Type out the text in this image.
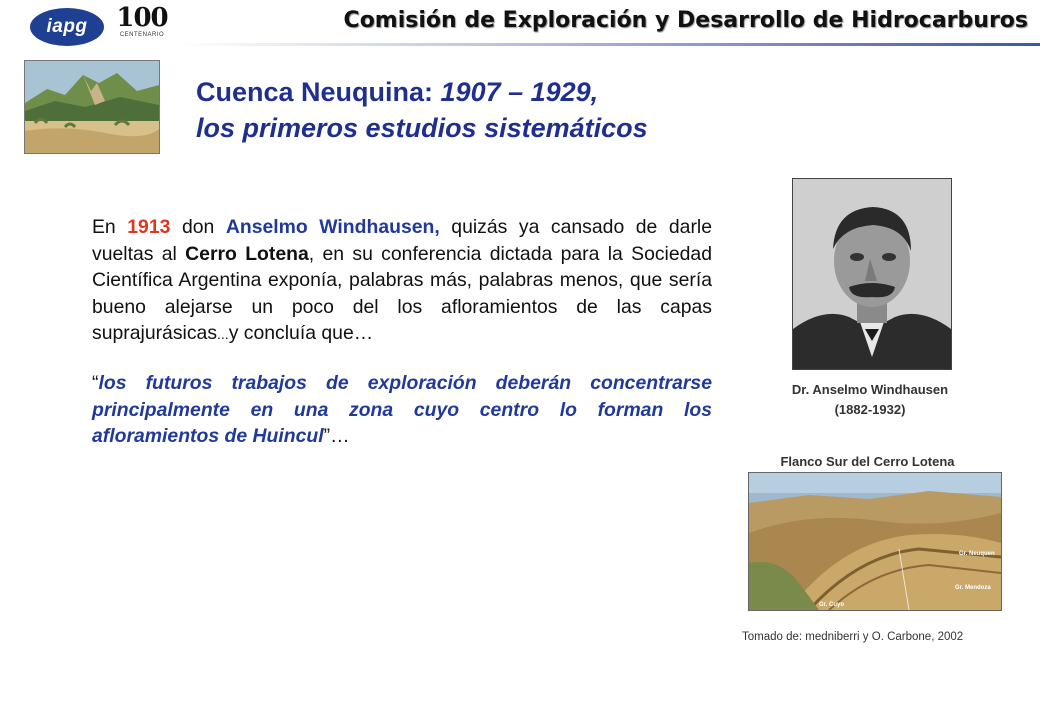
iapg 100
CENTENARIO
Comisión de Exploración y Desarrollo de Hidrocarburos
Cuenca Neuquina: 1907 – 1929,
los primeros estudios sistemáticos

En 1913 don Anselmo Windhausen, quizás ya cansado de darle vueltas al Cerro Lotena, en su conferencia dictada para la Sociedad Científica Argentina exponía, palabras más, palabras menos, que sería bueno alejarse un poco del los afloramientos de las capas suprajurásicas...y concluía que…

“los futuros trabajos de exploración deberán concentrarse principalmente en una zona cuyo centro lo forman los afloramientos de Huincul”…

Dr. Anselmo Windhausen
(1882-1932)
Flanco Sur del Cerro Lotena
Gr. Neuquen
Gr. Mendoza
Gr. Cuyo
Tomado de: medniberri y O. Carbone, 2002
